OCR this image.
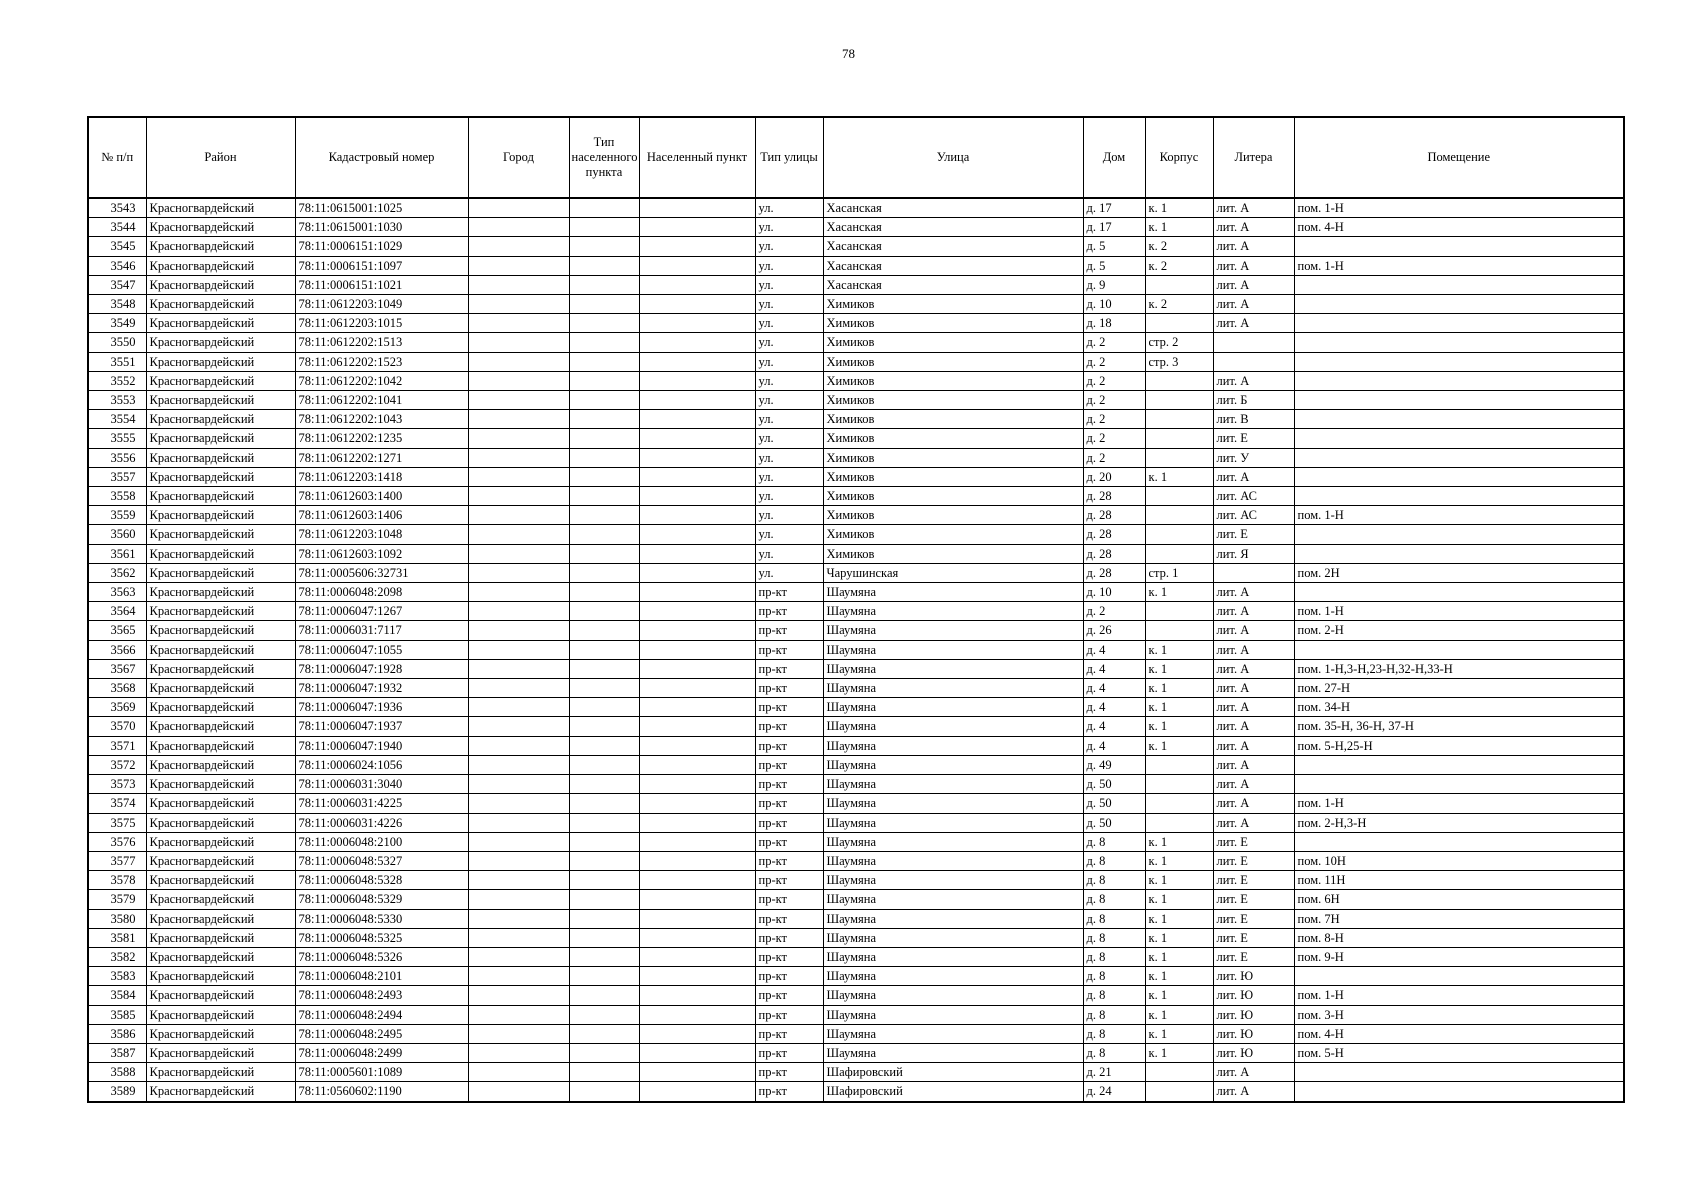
78
№ п/п	Район	Кадастровый номер	Город	Тип населенного пункта	Населенный пункт	Тип улицы	Улица	Дом	Корпус	Литера	Помещение
3543	Красногвардейский	78:11:0615001:1025				ул.	Хасанская	д. 17	к. 1	лит. А	пом. 1-Н
3544	Красногвардейский	78:11:0615001:1030				ул.	Хасанская	д. 17	к. 1	лит. А	пом. 4-Н
3545	Красногвардейский	78:11:0006151:1029				ул.	Хасанская	д. 5	к. 2	лит. А	
3546	Красногвардейский	78:11:0006151:1097				ул.	Хасанская	д. 5	к. 2	лит. А	пом. 1-Н
3547	Красногвардейский	78:11:0006151:1021				ул.	Хасанская	д. 9		лит. А	
3548	Красногвардейский	78:11:0612203:1049				ул.	Химиков	д. 10	к. 2	лит. А	
3549	Красногвардейский	78:11:0612203:1015				ул.	Химиков	д. 18		лит. А	
3550	Красногвардейский	78:11:0612202:1513				ул.	Химиков	д. 2	стр. 2		
3551	Красногвардейский	78:11:0612202:1523				ул.	Химиков	д. 2	стр. 3		
3552	Красногвардейский	78:11:0612202:1042				ул.	Химиков	д. 2		лит. А	
3553	Красногвардейский	78:11:0612202:1041				ул.	Химиков	д. 2		лит. Б	
3554	Красногвардейский	78:11:0612202:1043				ул.	Химиков	д. 2		лит. В	
3555	Красногвардейский	78:11:0612202:1235				ул.	Химиков	д. 2		лит. Е	
3556	Красногвардейский	78:11:0612202:1271				ул.	Химиков	д. 2		лит. У	
3557	Красногвардейский	78:11:0612203:1418				ул.	Химиков	д. 20	к. 1	лит. А	
3558	Красногвардейский	78:11:0612603:1400				ул.	Химиков	д. 28		лит. АС	
3559	Красногвардейский	78:11:0612603:1406				ул.	Химиков	д. 28		лит. АС	пом. 1-Н
3560	Красногвардейский	78:11:0612203:1048				ул.	Химиков	д. 28		лит. Е	
3561	Красногвардейский	78:11:0612603:1092				ул.	Химиков	д. 28		лит. Я	
3562	Красногвардейский	78:11:0005606:32731				ул.	Чарушинская	д. 28	стр. 1		пом. 2Н
3563	Красногвардейский	78:11:0006048:2098				пр-кт	Шаумяна	д. 10	к. 1	лит. А	
3564	Красногвардейский	78:11:0006047:1267				пр-кт	Шаумяна	д. 2		лит. А	пом. 1-Н
3565	Красногвардейский	78:11:0006031:7117				пр-кт	Шаумяна	д. 26		лит. А	пом. 2-Н
3566	Красногвардейский	78:11:0006047:1055				пр-кт	Шаумяна	д. 4	к. 1	лит. А	
3567	Красногвардейский	78:11:0006047:1928				пр-кт	Шаумяна	д. 4	к. 1	лит. А	пом. 1-Н,3-Н,23-Н,32-Н,33-Н
3568	Красногвардейский	78:11:0006047:1932				пр-кт	Шаумяна	д. 4	к. 1	лит. А	пом. 27-Н
3569	Красногвардейский	78:11:0006047:1936				пр-кт	Шаумяна	д. 4	к. 1	лит. А	пом. 34-Н
3570	Красногвардейский	78:11:0006047:1937				пр-кт	Шаумяна	д. 4	к. 1	лит. А	пом. 35-Н, 36-Н, 37-Н
3571	Красногвардейский	78:11:0006047:1940				пр-кт	Шаумяна	д. 4	к. 1	лит. А	пом. 5-Н,25-Н
3572	Красногвардейский	78:11:0006024:1056				пр-кт	Шаумяна	д. 49		лит. А	
3573	Красногвардейский	78:11:0006031:3040				пр-кт	Шаумяна	д. 50		лит. А	
3574	Красногвардейский	78:11:0006031:4225				пр-кт	Шаумяна	д. 50		лит. А	пом. 1-Н
3575	Красногвардейский	78:11:0006031:4226				пр-кт	Шаумяна	д. 50		лит. А	пом. 2-Н,3-Н
3576	Красногвардейский	78:11:0006048:2100				пр-кт	Шаумяна	д. 8	к. 1	лит. Е	
3577	Красногвардейский	78:11:0006048:5327				пр-кт	Шаумяна	д. 8	к. 1	лит. Е	пом. 10Н
3578	Красногвардейский	78:11:0006048:5328				пр-кт	Шаумяна	д. 8	к. 1	лит. Е	пом. 11Н
3579	Красногвардейский	78:11:0006048:5329				пр-кт	Шаумяна	д. 8	к. 1	лит. Е	пом. 6Н
3580	Красногвардейский	78:11:0006048:5330				пр-кт	Шаумяна	д. 8	к. 1	лит. Е	пом. 7Н
3581	Красногвардейский	78:11:0006048:5325				пр-кт	Шаумяна	д. 8	к. 1	лит. Е	пом. 8-Н
3582	Красногвардейский	78:11:0006048:5326				пр-кт	Шаумяна	д. 8	к. 1	лит. Е	пом. 9-Н
3583	Красногвардейский	78:11:0006048:2101				пр-кт	Шаумяна	д. 8	к. 1	лит. Ю	
3584	Красногвардейский	78:11:0006048:2493				пр-кт	Шаумяна	д. 8	к. 1	лит. Ю	пом. 1-Н
3585	Красногвардейский	78:11:0006048:2494				пр-кт	Шаумяна	д. 8	к. 1	лит. Ю	пом. 3-Н
3586	Красногвардейский	78:11:0006048:2495				пр-кт	Шаумяна	д. 8	к. 1	лит. Ю	пом. 4-Н
3587	Красногвардейский	78:11:0006048:2499				пр-кт	Шаумяна	д. 8	к. 1	лит. Ю	пом. 5-Н
3588	Красногвардейский	78:11:0005601:1089				пр-кт	Шафировский	д. 21		лит. А	
3589	Красногвардейский	78:11:0560602:1190				пр-кт	Шафировский	д. 24		лит. А	
